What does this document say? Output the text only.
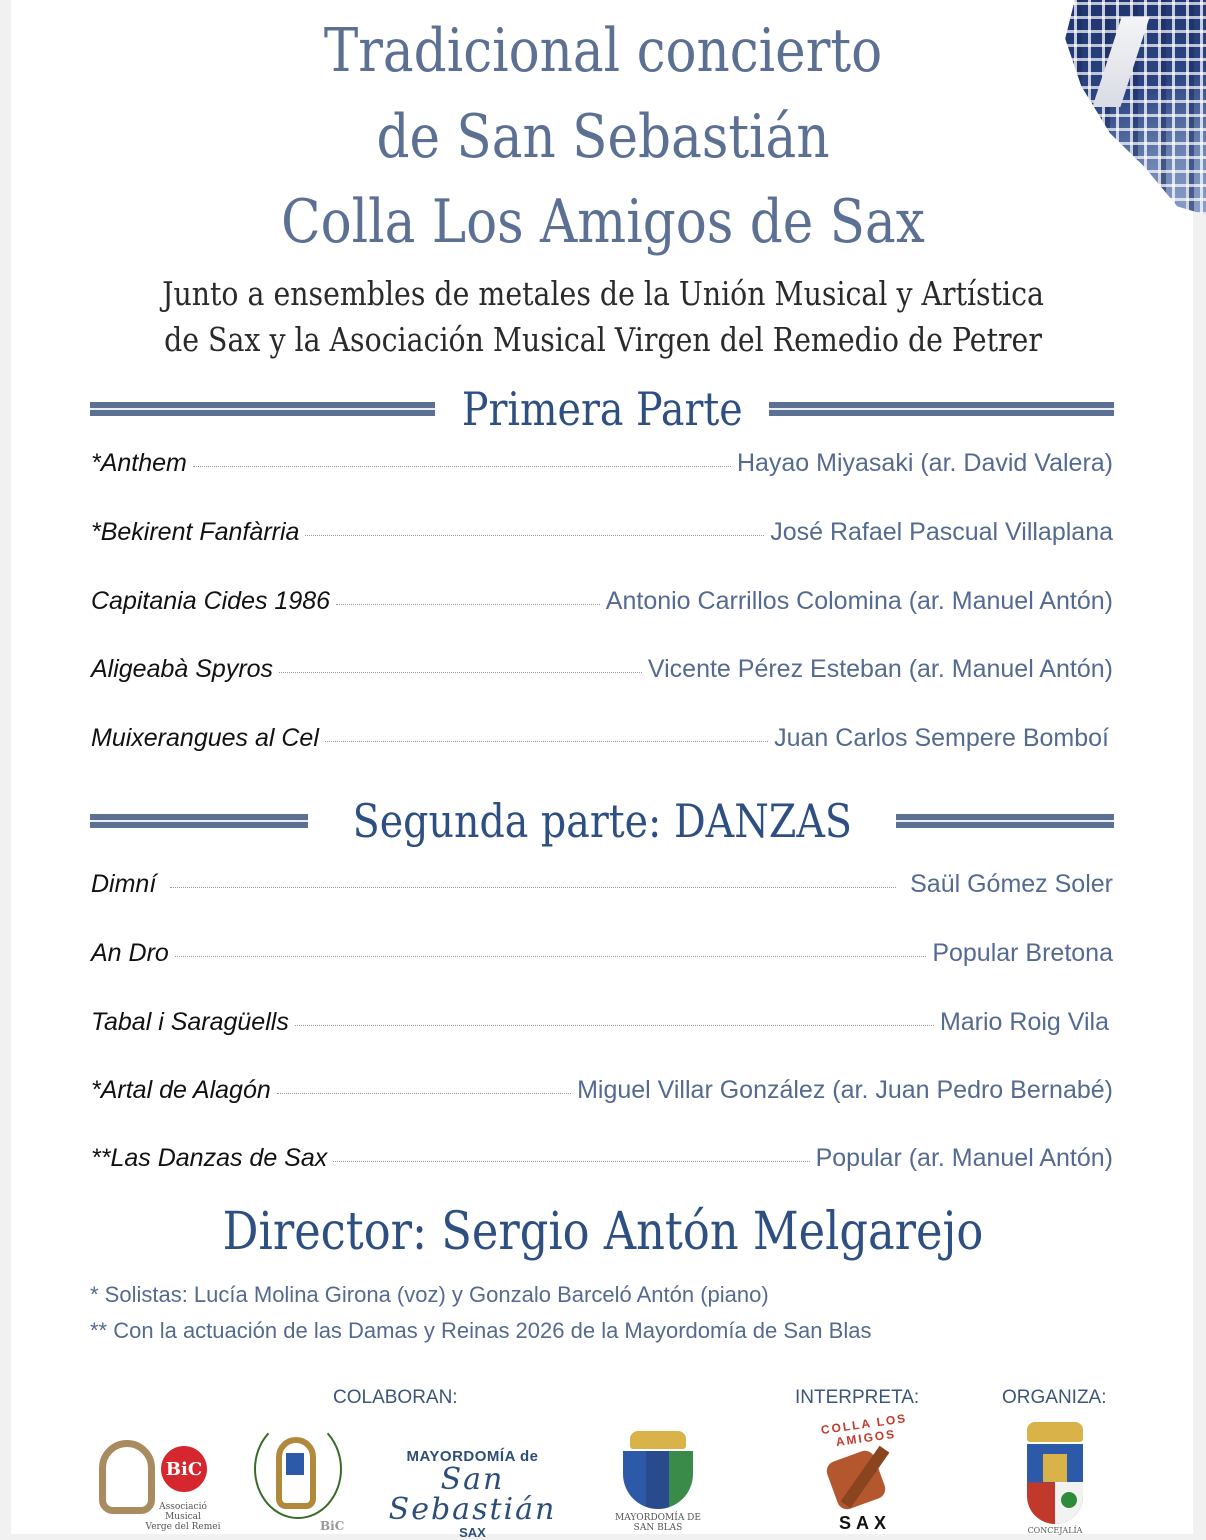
Tradicional concierto
de San Sebastián
Colla Los Amigos de Sax
Junto a ensembles de metales de la Unión Musical y Artística
de Sax y la Asociación Musical Virgen del Remedio de Petrer
Primera Parte
*Anthem	Hayao Miyasaki (ar. David Valera)
*Bekirent Fanfàrria	José Rafael Pascual Villaplana
Capitania Cides 1986	Antonio Carrillos Colomina (ar. Manuel Antón)
Aligeabà Spyros	Vicente Pérez Esteban (ar. Manuel Antón)
Muixerangues al Cel	Juan Carlos Sempere Bomboí
Segunda parte: DANZAS
Dimní	Saül Gómez Soler
An Dro	Popular Bretona
Tabal i Saragüells	Mario Roig Vila
*Artal de Alagón	Miguel Villar González (ar. Juan Pedro Bernabé)
**Las Danzas de Sax	Popular (ar. Manuel Antón)
Director: Sergio Antón Melgarejo
* Solistas: Lucía Molina Girona (voz) y Gonzalo Barceló Antón (piano)
** Con la actuación de las Damas y Reinas 2026 de la Mayordomía de San Blas
COLABORAN:	INTERPRETA:	ORGANIZA:
BiC
Associació Musical
Verge del Remei	BiC
MAYORDOMÍA de
San Sebastián
SAX
MAYORDOMÍA DE SAN BLAS
COLLA LOS AMIGOS
SAX	CONCEJALÍA
